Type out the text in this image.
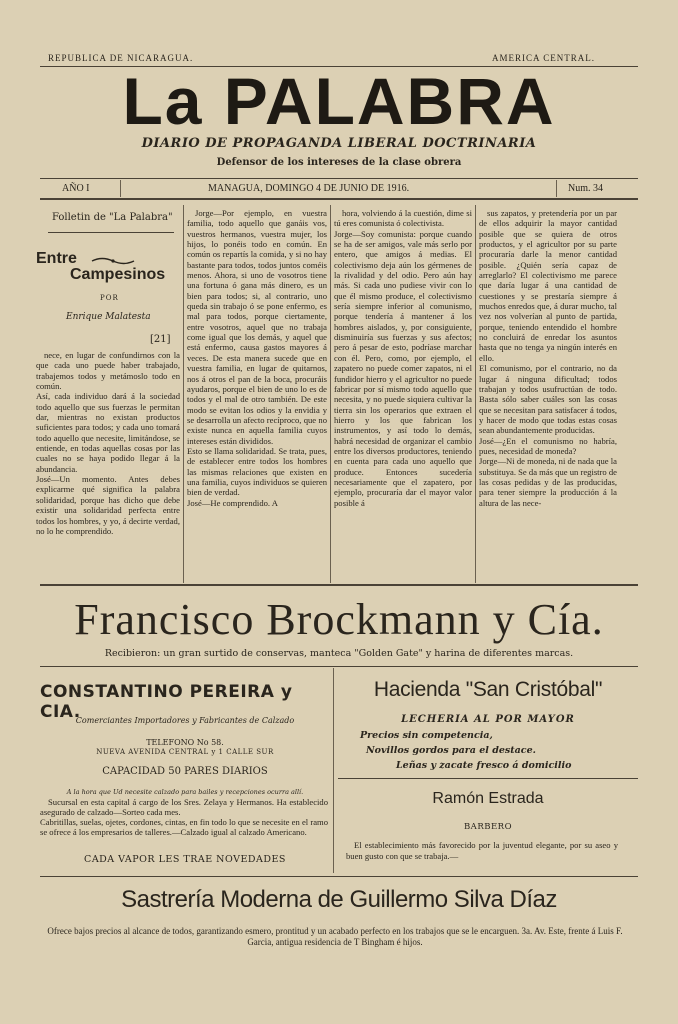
REPUBLICA DE NICARAGUA.	AMERICA CENTRAL.
La PALABRA
DIARIO DE PROPAGANDA LIBERAL DOCTRINARIA
Defensor de los intereses de la clase obrera
AÑO I	MANAGUA, DOMINGO 4 DE JUNIO DE 1916.	Num. 34
Folletin de "La Palabra"
Entre
Campesinos
POR
Enrique Malatesta
[21]

nece, en lugar de confundirnos con la que cada uno puede haber trabajado, trabajemos todos y metámoslo todo en común.
Así, cada individuo dará á la sociedad todo aquello que sus fuerzas le permitan dar, mientras no existan productos suficientes para todos; y cada uno tomará todo aquello que necesite, limitándose, se entiende, en todas aquellas cosas por las cuales no se haya podido llegar á la abundancia.
José—Un momento. Antes debes explicarme qué significa la palabra solidaridad, porque has dicho que debe existir una solidaridad perfecta entre todos los hombres, y yo, á decirte verdad, no lo he comprendido.

Jorge—Por ejemplo, en vuestra familia, todo aquello que ganáis vos, vuestros hermanos, vuestra mujer, los hijos, lo ponéis todo en común. En común os repartís la comida, y si no hay bastante para todos, todos juntos coméis menos. Ahora, si uno de vosotros tiene una fortuna ó gana más dinero, es un bien para todos; si, al contrario, uno queda sin trabajo ó se pone enfermo, es mal para todos, porque ciertamente, entre vosotros, aquel que no trabaja come igual que los demás, y aquel que está enfermo, causa gastos mayores á veces. De esta manera sucede que en vuestra familia, en lugar de quitarnos, nos á otros el pan de la boca, procuráis ayudaros, porque el bien de uno lo es de todos y el mal de otro también. De este modo se evitan los odios y la envidia y se desarrolla un afecto recíproco, que no existe nunca en aquella familia cuyos intereses están divididos.
Esto se llama solidaridad. Se trata, pues, de establecer entre todos los hombres las mismas relaciones que existen en una familia, cuyos individuos se quieren bien de verdad.
José—He comprendido. A

hora, volviendo á la cuestión, dime si tú eres comunista ó colectivista.
Jorge—Soy comunista: porque cuando se ha de ser amigos, vale más serlo por entero, que amigos á medias. El colectivismo deja aún los gérmenes de la rivalidad y del odio. Pero aún hay más. Si cada uno pudiese vivir con lo que él mismo produce, el colectivismo sería siempre inferior al comunismo, porque tendería á mantener á los hombres aislados, y, por consiguiente, disminuiría sus fuerzas y sus afectos; pero á pesar de esto, podríase marchar con él. Pero, como, por ejemplo, el zapatero no puede comer zapatos, ni el fundidor hierro y el agricultor no puede fabricar por sí mismo todo aquello que necesita, y no puede siquiera cultivar la tierra sin los operarios que extraen el hierro y los que fabrican los instrumentos, y así todo lo demás, habrá necesidad de organizar el cambio entre los diversos productores, teniendo en cuenta para cada uno aquello que produce. Entonces sucedería necesariamente que el zapatero, por ejemplo, procuraría dar el mayor valor posible á

sus zapatos, y pretendería por un par de ellos adquirir la mayor cantidad posible que se quiera de otros productos, y el agricultor por su parte procuraría darle la menor cantidad posible. ¿Quién sería capaz de arreglarlo? El colectivismo me parece que daría lugar á una cantidad de cuestiones y se prestaría siempre á muchos enredos que, á durar mucho, tal vez nos volverían al punto de partida, porque, teniendo entendido el hombre no concluirá de enredar los asuntos hasta que no tenga ya ningún interés en ello.
El comunismo, por el contrario, no da lugar á ninguna dificultad; todos trabajan y todos usufructúan de todo. Basta sólo saber cuáles son las cosas que se necesitan para satisfacer á todos, y hacer de modo que todas estas cosas sean abundantemente producidas.
José—¿En el comunismo no habría, pues, necesidad de moneda?
Jorge—Ni de moneda, ni de nada que la substituya. Se da más que un registro de las cosas pedidas y de las producidas, para tener siempre la producción á la altura de las nece-

Francisco Brockmann y Cía.
Recibieron: un gran surtido de conservas, manteca "Golden Gate" y harina de diferentes marcas.
CONSTANTINO PEREIRA y CIA.
Comerciantes Importadores y Fabricantes de Calzado
TELEFONO No 58.
NUEVA AVENIDA CENTRAL y 1 CALLE SUR
CAPACIDAD 50 PARES DIARIOS
A la hora que Ud necesite calzado para bailes y recepciones ocurra allí.

Sucursal en esta capital á cargo de los Sres. Zelaya y Hermanos. Ha establecido asegurado de calzado—Sorteo cada mes.
Cabritillas, suelas, ojetes, cordones, cintas, en fin todo lo que se necesite en el ramo se ofrece á los empresarios de talleres.—Calzado igual al calzado Americano.

CADA VAPOR LES TRAE NOVEDADES
Hacienda "San Cristóbal"
LECHERIA AL POR MAYOR
Precios sin competencia,
Novillos gordos para el destace.
Leñas y zacate fresco á domicilio
Ramón Estrada
BARBERO

El establecimiento más favorecido por la juventud elegante, por su aseo y buen gusto con que se trabaja.—

Sastrería Moderna de Guillermo Silva Díaz

Ofrece bajos precios al alcance de todos, garantizando esmero, prontitud y un acabado perfecto en los trabajos que se le encarguen. 3a. Av. Este, frente á Luis F. Garcia, antigua residencia de T Bingham é hijos.
